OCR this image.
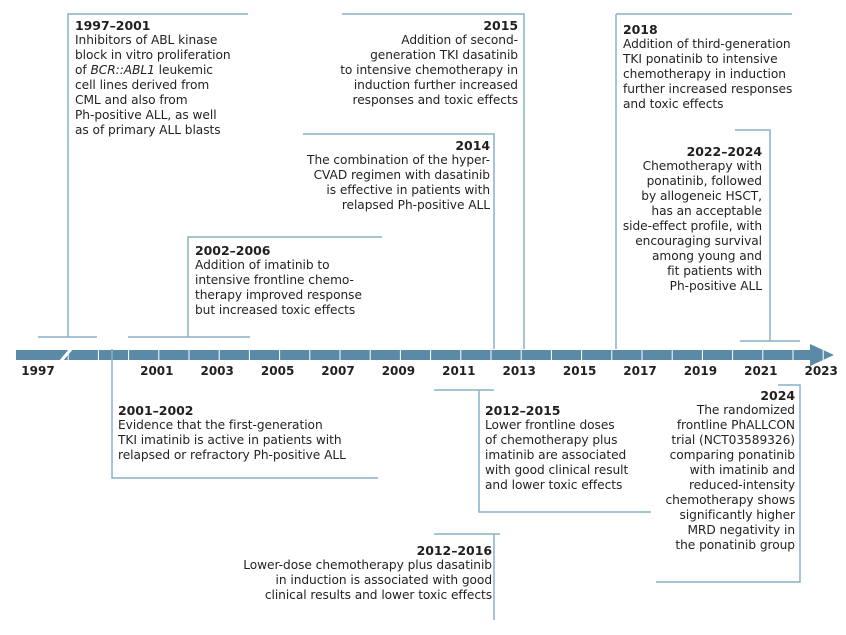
1997	2001 2003 2005 2007 2009 2011 2013 2015 2017 2019 2021 2023
1997–2001
Inhibitors of ABL kinase
block in vitro proliferation
of BCR::ABL1 leukemic
cell lines derived from
CML and also from
Ph-positive ALL, as well
as of primary ALL blasts
2001–2002
Evidence that the first-generation
TKI imatinib is active in patients with
relapsed or refractory Ph-positive ALL
2002–2006
Addition of imatinib to
intensive frontline chemo-
therapy improved response
but increased toxic effects
2012–2015
Lower frontline doses
of chemotherapy plus
imatinib are associated
with good clinical result
and lower toxic effects
2012–2016
Lower-dose chemotherapy plus dasatinib
in induction is associated with good
clinical results and lower toxic effects
2014
The combination of the hyper-
CVAD regimen with dasatinib
is effective in patients with
relapsed Ph-positive ALL
2015
Addition of second-
generation TKI dasatinib
to intensive chemotherapy in
induction further increased
responses and toxic effects
2018
Addition of third-generation
TKI ponatinib to intensive
chemotherapy in induction
further increased responses
and toxic effects
2022–2024
Chemotherapy with
ponatinib, followed
by allogeneic HSCT,
has an acceptable
side-effect profile, with
encouraging survival
among young and
fit patients with
Ph-positive ALL
2024
The randomized
frontline PhALLCON
trial (NCT03589326)
comparing ponatinib
with imatinib and
reduced-intensity
chemotherapy shows
significantly higher
MRD negativity in
the ponatinib group
